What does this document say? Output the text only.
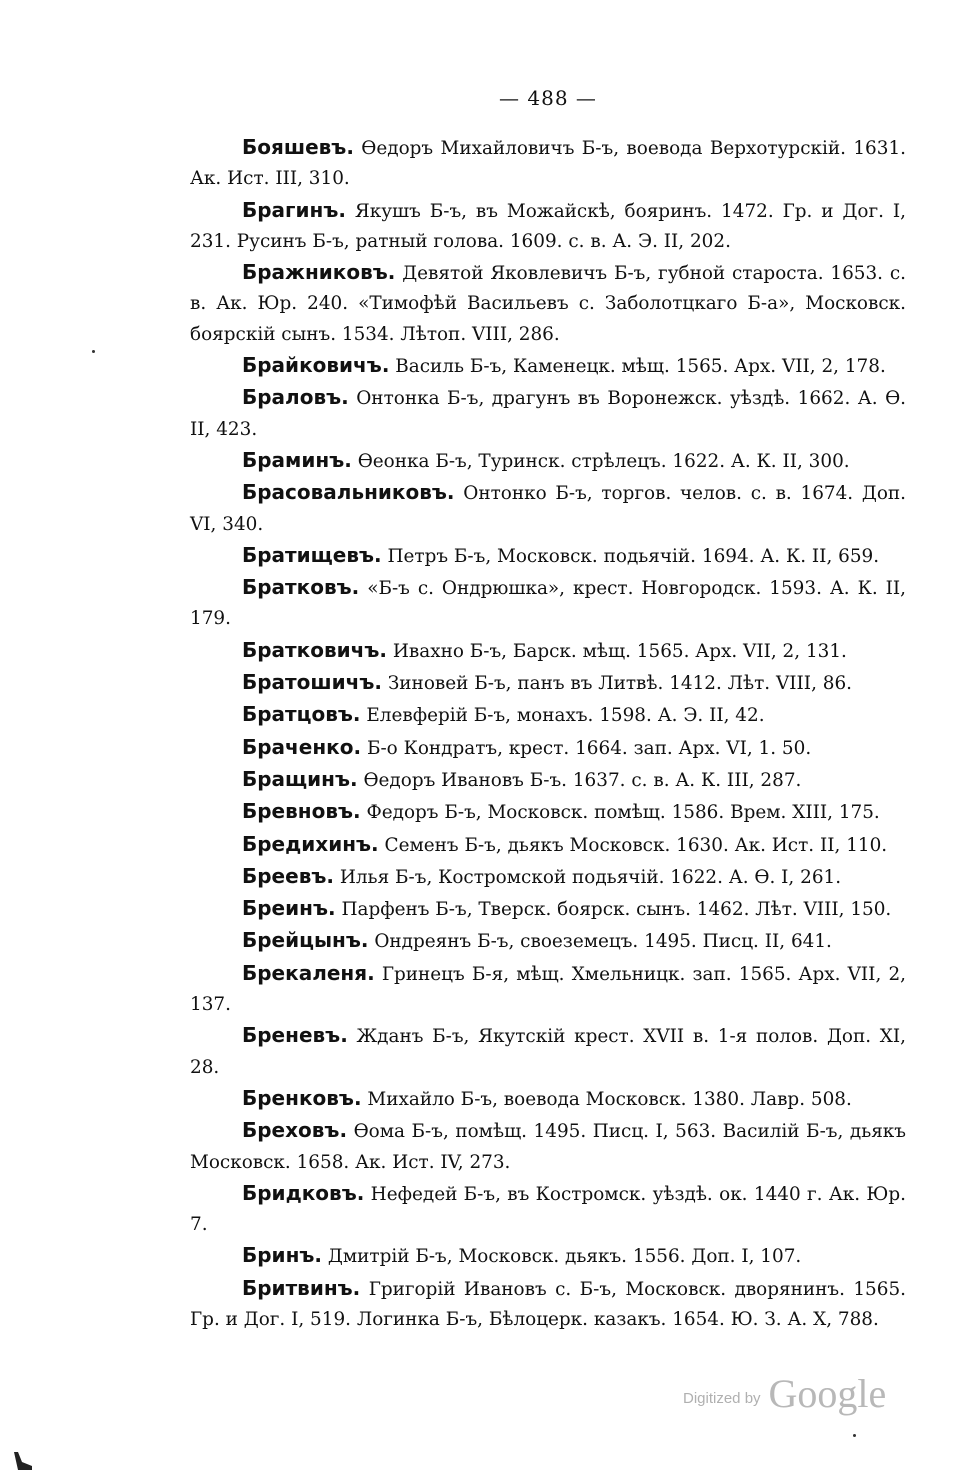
— 488 —

Бояшевъ. Өедоръ Михайловичъ Б-ъ, воевода Верхотурскій. 1631. Ак. Ист. III, 310.

Брагинъ. Якушъ Б-ъ, въ Можайскѣ, бояринъ. 1472. Гр. и Дог. I, 231. Русинъ Б-ъ, ратный голова. 1609. с. в. А. Э. II, 202.

Бражниковъ. Девятой Яковлевичъ Б-ъ, губной староста. 1653. с. в. Ак. Юр. 240. «Тимофѣй Васильевъ с. Заболотцкаго Б-а», Московск. боярскій сынъ. 1534. Лѣтоп. VIII, 286.

Брайковичъ. Василь Б-ъ, Каменецк. мѣщ. 1565. Арх. VII, 2, 178.

Браловъ. Онтонка Б-ъ, драгунъ въ Воронежск. уѣздѣ. 1662. А. Ө. II, 423.

Браминъ. Өеонка Б-ъ, Туринск. стрѣлецъ. 1622. А. К. II, 300.

Брасовальниковъ. Онтонко Б-ъ, торгов. челов. с. в. 1674. Доп. VI, 340.

Братищевъ. Петръ Б-ъ, Московск. подьячій. 1694. А. К. II, 659.

Братковъ. «Б-ъ с. Ондрюшка», крест. Новгородск. 1593. А. К. II, 179.

Братковичъ. Ивахно Б-ъ, Барск. мѣщ. 1565. Арх. VII, 2, 131.

Братошичъ. Зиновей Б-ъ, панъ въ Литвѣ. 1412. Лѣт. VIII, 86.

Братцовъ. Елевферій Б-ъ, монахъ. 1598. А. Э. II, 42.

Браченко. Б-о Кондратъ, крест. 1664. зап. Арх. VI, 1. 50.

Бращинъ. Өедоръ Ивановъ Б-ъ. 1637. с. в. А. К. III, 287.

Бревновъ. Федоръ Б-ъ, Московск. помѣщ. 1586. Врем. XIII, 175.

Бредихинъ. Семенъ Б-ъ, дьякъ Московск. 1630. Ак. Ист. II, 110.

Бреевъ. Илья Б-ъ, Костромской подьячій. 1622. А. Ө. I, 261.

Бреинъ. Парфенъ Б-ъ, Тверск. боярск. сынъ. 1462. Лѣт. VIII, 150.

Брейцынъ. Ондреянъ Б-ъ, своеземецъ. 1495. Писц. II, 641.

Брекаленя. Гринецъ Б-я, мѣщ. Хмельницк. зап. 1565. Арх. VII, 2, 137.

Бреневъ. Жданъ Б-ъ, Якутскій крест. XVII в. 1-я полов. Доп. XI, 28.

Бренковъ. Михайло Б-ъ, воевода Московск. 1380. Лавр. 508.

Бреховъ. Өома Б-ъ, помѣщ. 1495. Писц. I, 563. Василій Б-ъ, дьякъ Московск. 1658. Ак. Ист. IV, 273.

Бридковъ. Нефедей Б-ъ, въ Костромск. уѣздѣ. ок. 1440 г. Ак. Юр. 7.

Бринъ. Дмитрій Б-ъ, Московск. дьякъ. 1556. Доп. I, 107.

Бритвинъ. Григорій Ивановъ с. Б-ъ, Московск. дворянинъ. 1565. Гр. и Дог. I, 519. Логинка Б-ъ, Бѣлоцерк. казакъ. 1654. Ю. З. А. X, 788.

Digitized by Google
